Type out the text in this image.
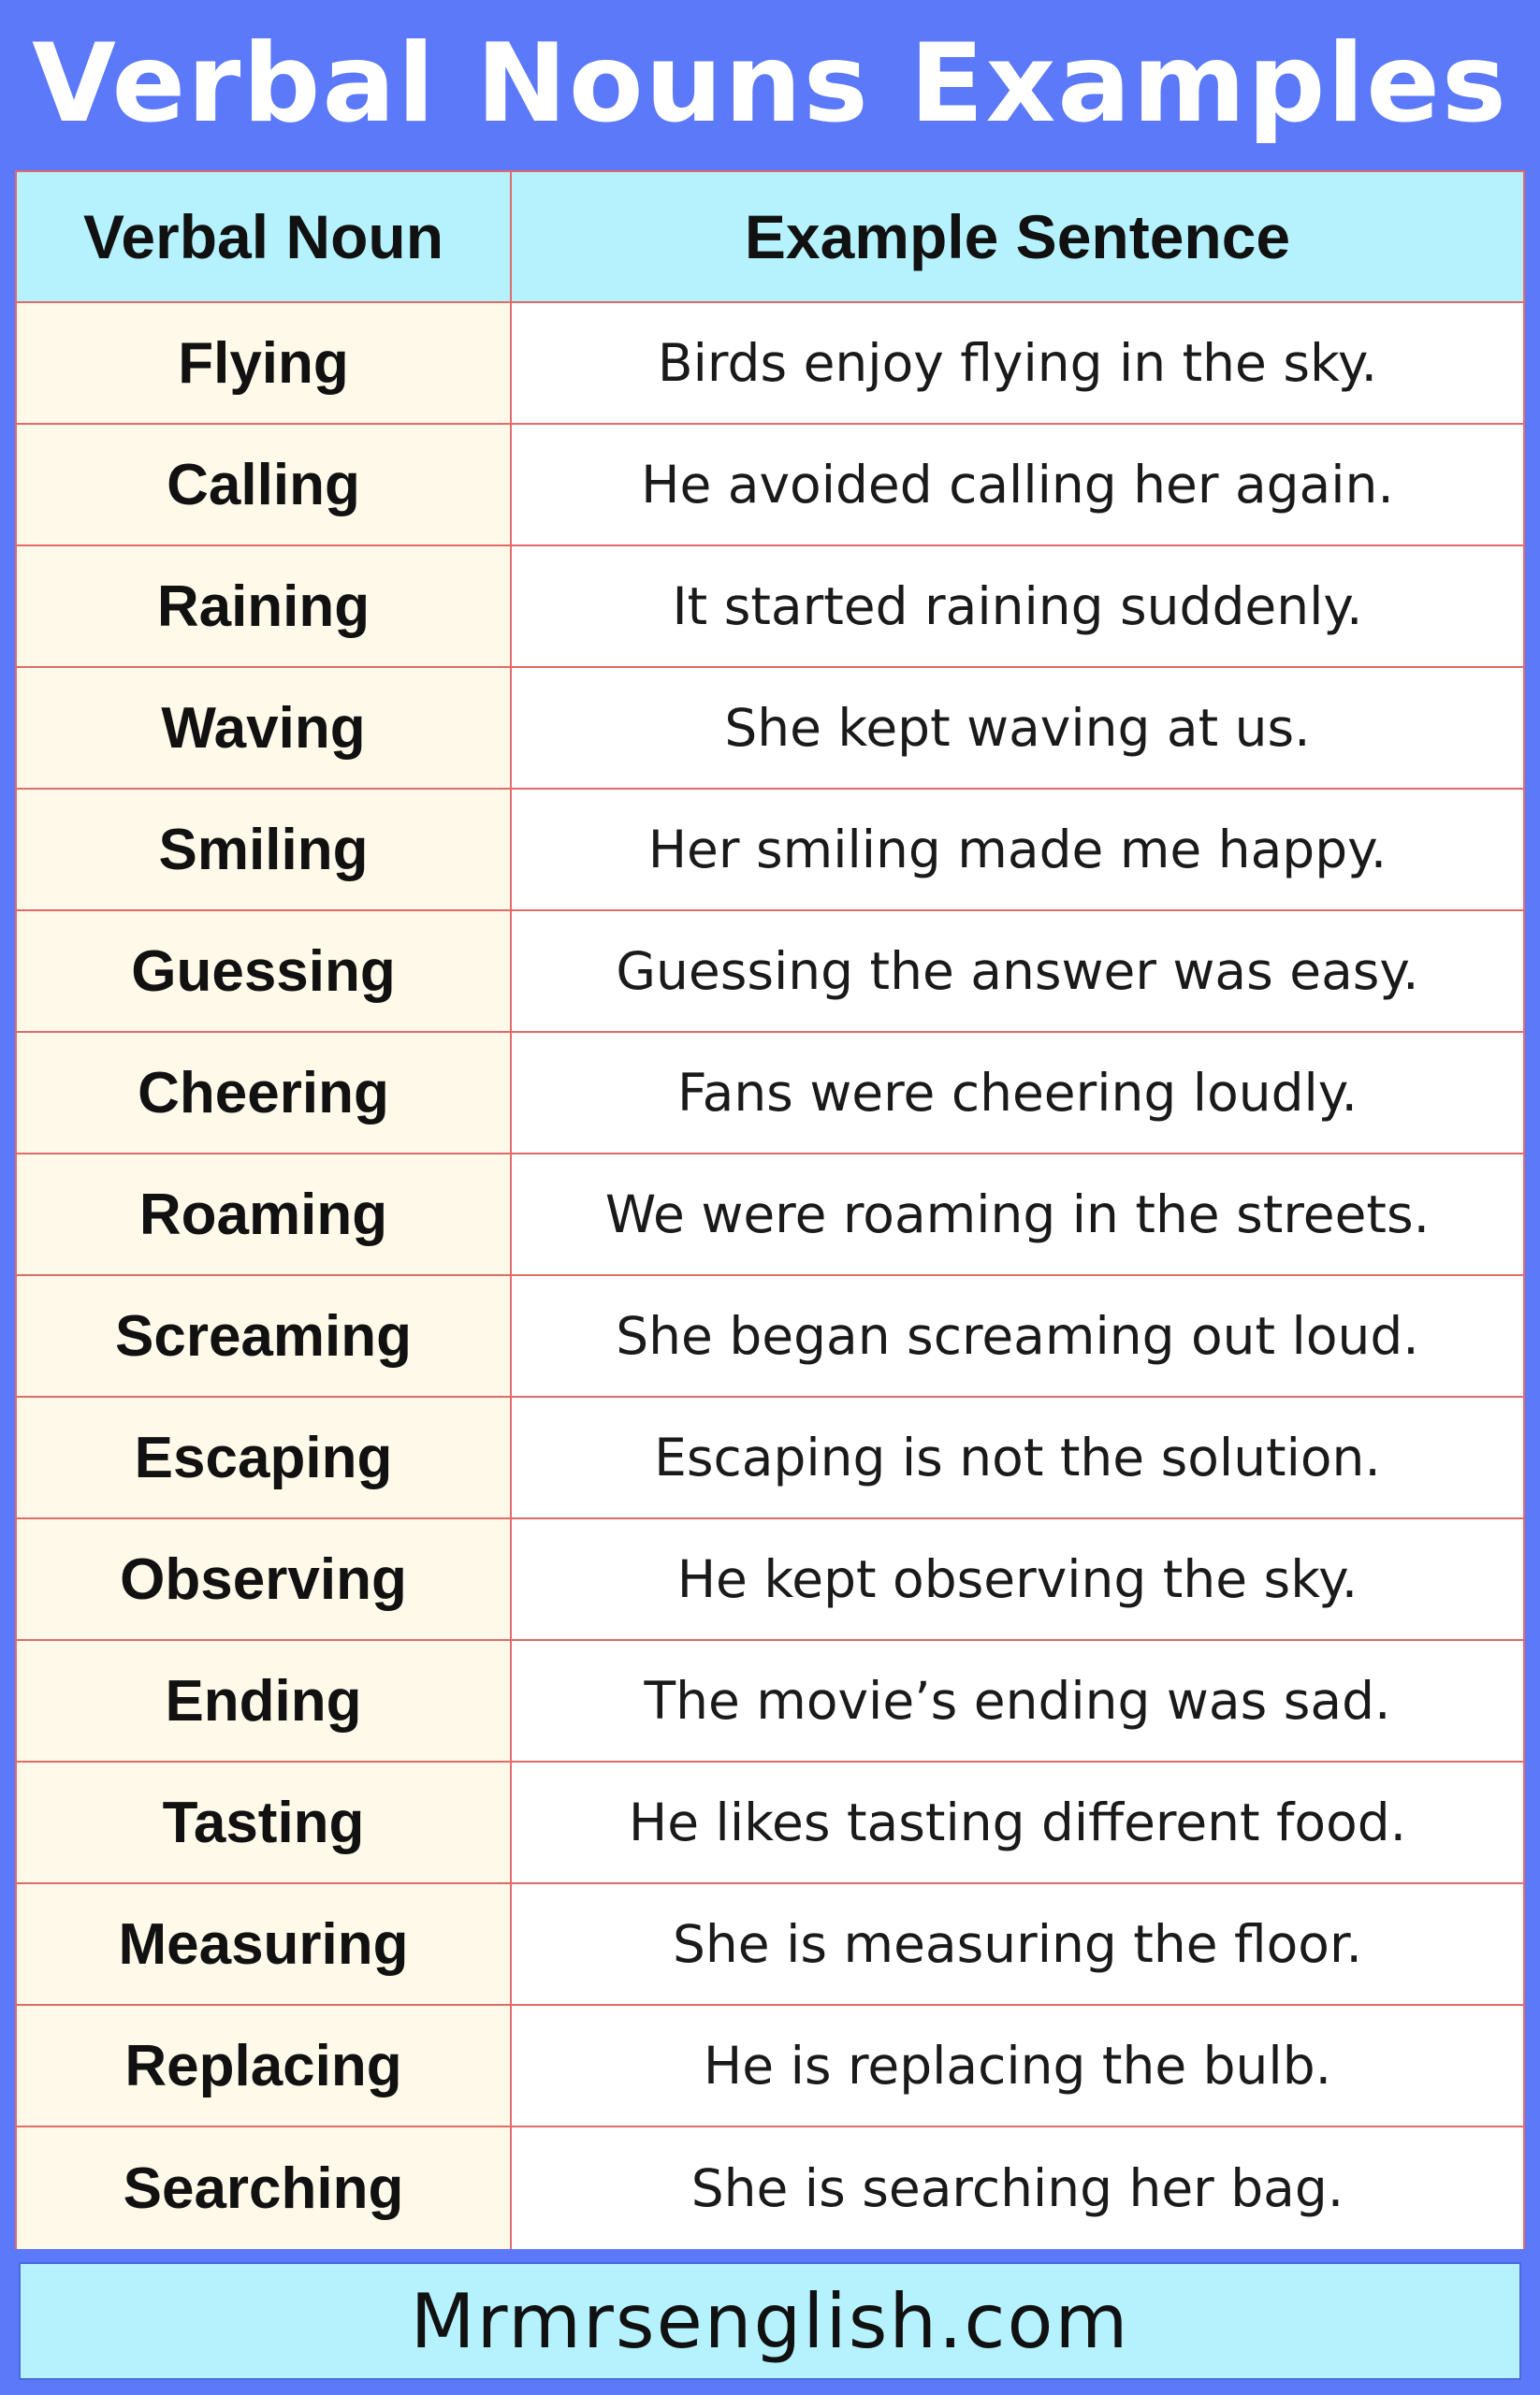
Verbal Nouns Examples
Verbal Noun	Example Sentence
Flying	Birds enjoy flying in the sky.
Calling	He avoided calling her again.
Raining	It started raining suddenly.
Waving	She kept waving at us.
Smiling	Her smiling made me happy.
Guessing	Guessing the answer was easy.
Cheering	Fans were cheering loudly.
Roaming	We were roaming in the streets.
Screaming	She began screaming out loud.
Escaping	Escaping is not the solution.
Observing	He kept observing the sky.
Ending	The movie’s ending was sad.
Tasting	He likes tasting different food.
Measuring	She is measuring the floor.
Replacing	He is replacing the bulb.
Searching	She is searching her bag.
Mrmrsenglish.com
